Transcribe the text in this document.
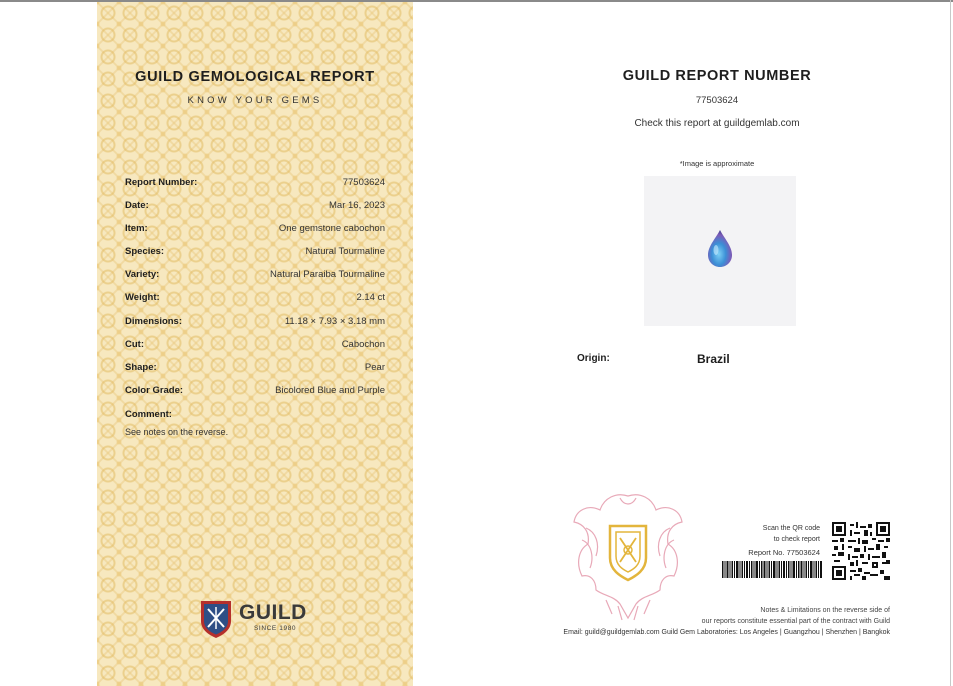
GUILD GEMOLOGICAL REPORT
KNOW YOUR GEMS
Report Number:	77503624
Date:	Mar 16, 2023
Item:	One gemstone cabochon
Species:	Natural Tourmaline
Variety:	Natural Paraiba Tourmaline
Weight:	2.14 ct
Dimensions:	11.18 × 7.93 × 3.18 mm
Cut:	Cabochon
Shape:	Pear
Color Grade:	Bicolored Blue and Purple
Comment:
See notes on the reverse.
GUILD
SINCE 1980
GUILD REPORT NUMBER
77503624
Check this report at guildgemlab.com
*Image is approximate
Origin:	Brazil
Scan the QR code
to check report
Report No. 77503624
Notes & Limitations on the reverse side of
our reports constitute essential part of the contract with Guild
Email: guild@guildgemlab.com Guild Gem Laboratories: Los Angeles | Guangzhou | Shenzhen | Bangkok
